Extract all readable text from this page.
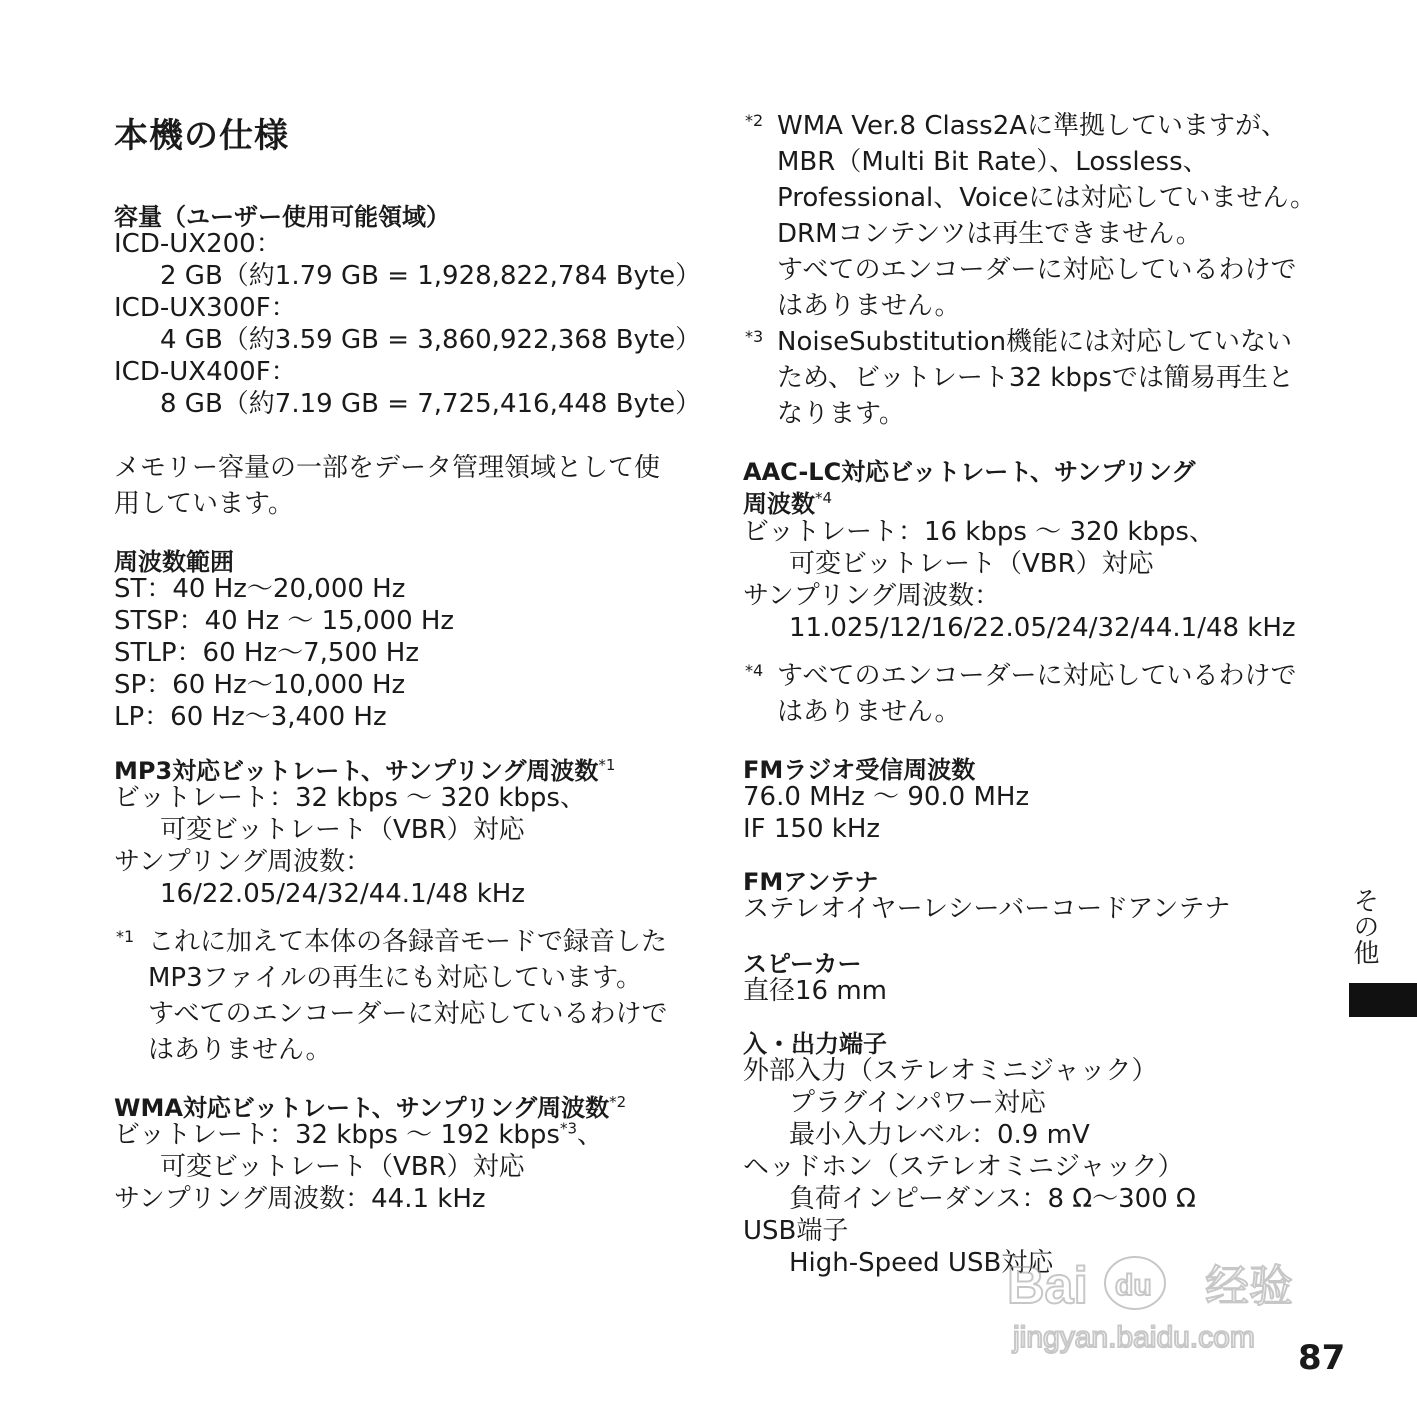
本機の仕様
容量（ユーザー使用可能領域）
ICD-UX200：
2 GB（約1.79 GB = 1,928,822,784 Byte）
ICD-UX300F：
4 GB（約3.59 GB = 3,860,922,368 Byte）
ICD-UX400F：
8 GB（約7.19 GB = 7,725,416,448 Byte）
メモリー容量の一部をデータ管理領域として使
用しています。
周波数範囲
ST：40 Hz～20,000 Hz
STSP：40 Hz ～ 15,000 Hz
STLP：60 Hz～7,500 Hz
SP：60 Hz～10,000 Hz
LP：60 Hz～3,400 Hz
MP3対応ビットレート、サンプリング周波数$^{*1}$
ビットレート：32 kbps ～ 320 kbps、
可変ビットレート（VBR）対応
サンプリング周波数：
16/22.05/24/32/44.1/48 kHz
*1 これに加えて本体の各録音モードで録音した
MP3ファイルの再生にも対応しています。
すべてのエンコーダーに対応しているわけで
はありません。
WMA対応ビットレート、サンプリング周波数$^{*2}$
ビットレート：32 kbps ～ 192 kbps$^{*3}$、
可変ビットレート（VBR）対応
サンプリング周波数：44.1 kHz
*2 WMA Ver.8 Class2Aに準拠していますが、
MBR（Multi Bit Rate）、Lossless、
Professional、Voiceには対応していません。
DRMコンテンツは再生できません。
すべてのエンコーダーに対応しているわけで
はありません。
*3 NoiseSubstitution機能には対応していない
ため、ビットレート32 kbpsでは簡易再生と
なります。
AAC-LC対応ビットレート、サンプリング
周波数$^{*4}$
ビットレート：16 kbps ～ 320 kbps、
可変ビットレート（VBR）対応
サンプリング周波数：
11.025/12/16/22.05/24/32/44.1/48 kHz
*4 すべてのエンコーダーに対応しているわけで
はありません。
FMラジオ受信周波数
76.0 MHz ～ 90.0 MHz
IF 150 kHz
FMアンテナ
ステレオイヤーレシーバーコードアンテナ
スピーカー
直径16 mm
入・出力端子
外部入力（ステレオミニジャック）
プラグインパワー対応
最小入力レベル：0.9 mV
ヘッドホン（ステレオミニジャック）
負荷インピーダンス：8 Ω～300 Ω
USB端子
High-Speed USB対応
その他
87
Bai du 经验
jingyan.baidu.com
